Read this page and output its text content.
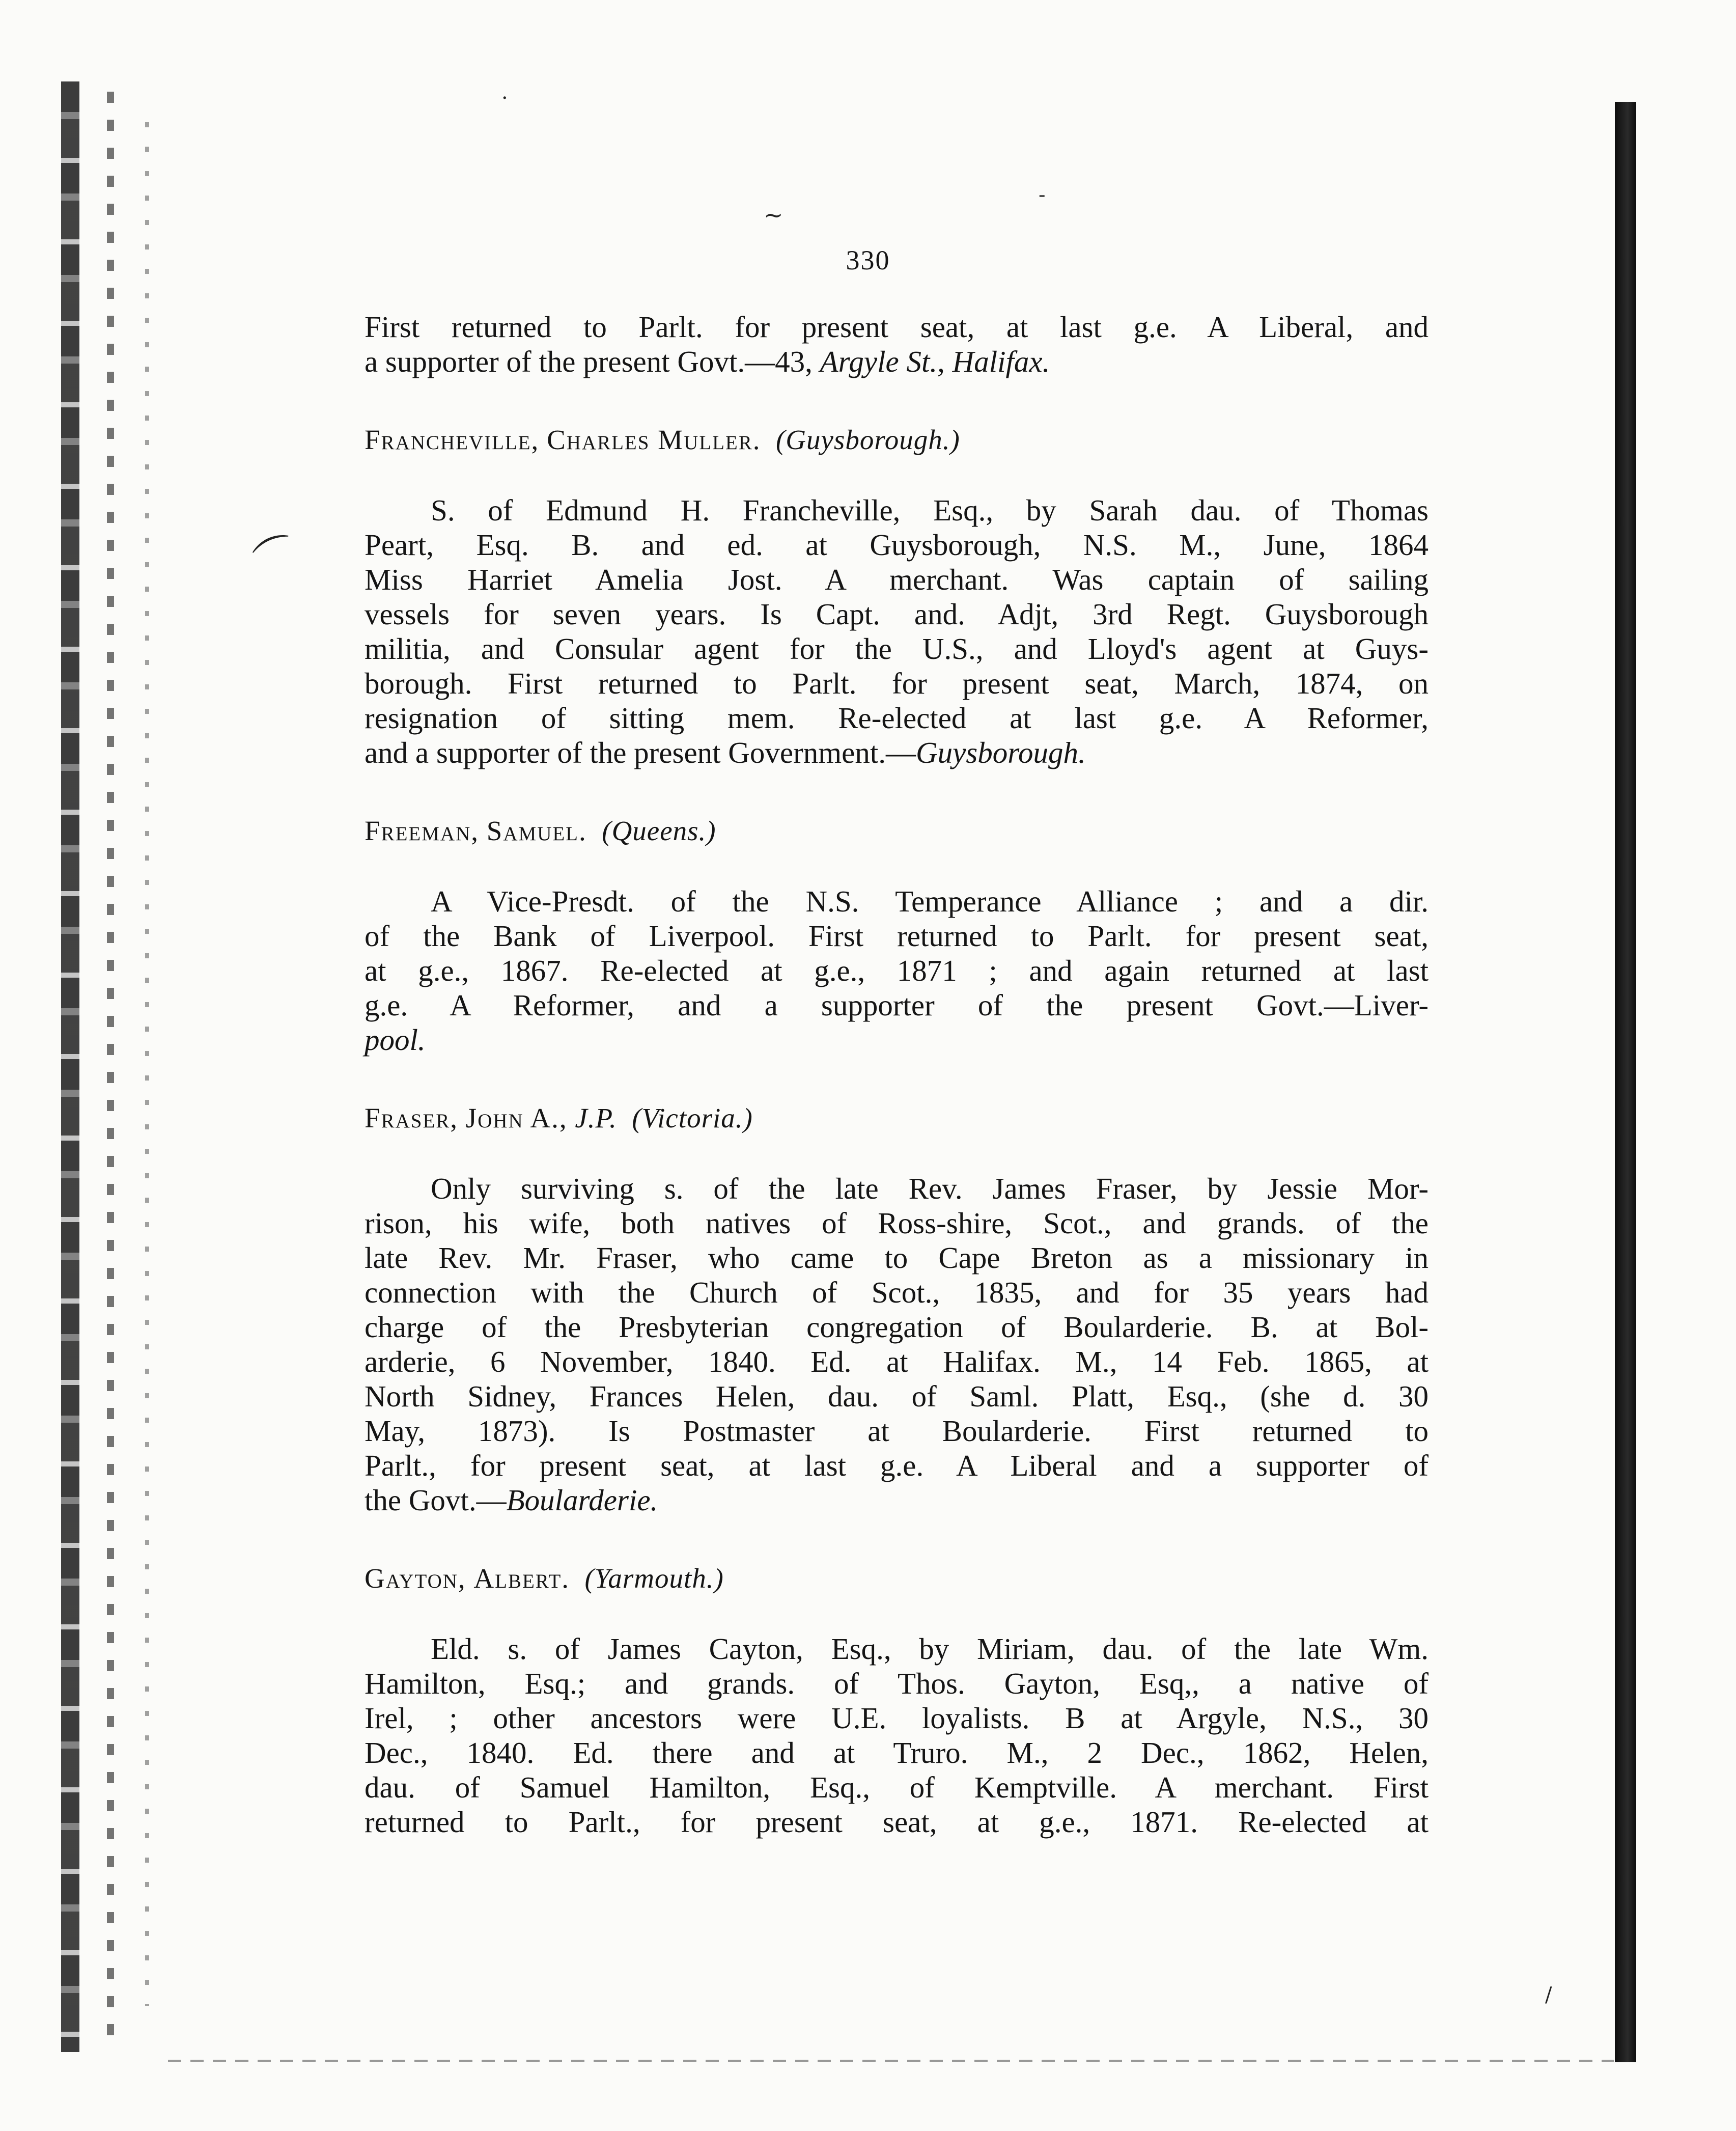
·
~
-
/
⌒
330
First returned to Parlt. for present seat, at last g.e. A Liberal, and
a supporter of the present Govt.—43, Argyle St., Halifax.
Francheville, Charles Muller. (Guysborough.)
S. of Edmund H. Francheville, Esq., by Sarah dau. of Thomas
Peart, Esq. B. and ed. at Guysborough, N.S. M., June, 1864
Miss Harriet Amelia Jost. A merchant. Was captain of sailing
vessels for seven years. Is Capt. and. Adjt, 3rd Regt. Guysborough
militia, and Consular agent for the U.S., and Lloyd's agent at Guys-
borough. First returned to Parlt. for present seat, March, 1874, on
resignation of sitting mem. Re-elected at last g.e. A Reformer,
and a supporter of the present Government.—Guysborough.
Freeman, Samuel. (Queens.)
A Vice-Presdt. of the N.S. Temperance Alliance ; and a dir.
of the Bank of Liverpool. First returned to Parlt. for present seat,
at g.e., 1867. Re-elected at g.e., 1871 ; and again returned at last
g.e. A Reformer, and a supporter of the present Govt.—Liver-
pool.
Fraser, John A., J.P. (Victoria.)
Only surviving s. of the late Rev. James Fraser, by Jessie Mor-
rison, his wife, both natives of Ross-shire, Scot., and grands. of the
late Rev. Mr. Fraser, who came to Cape Breton as a missionary in
connection with the Church of Scot., 1835, and for 35 years had
charge of the Presbyterian congregation of Boularderie. B. at Bol-
arderie, 6 November, 1840. Ed. at Halifax. M., 14 Feb. 1865, at
North Sidney, Frances Helen, dau. of Saml. Platt, Esq., (she d. 30
May, 1873). Is Postmaster at Boularderie. First returned to
Parlt., for present seat, at last g.e. A Liberal and a supporter of
the Govt.—Boularderie.
Gayton, Albert. (Yarmouth.)
Eld. s. of James Cayton, Esq., by Miriam, dau. of the late Wm.
Hamilton, Esq.; and grands. of Thos. Gayton, Esq,, a native of
Irel, ; other ancestors were U.E. loyalists. B at Argyle, N.S., 30
Dec., 1840. Ed. there and at Truro. M., 2 Dec., 1862, Helen,
dau. of Samuel Hamilton, Esq., of Kemptville. A merchant. First
returned to Parlt., for present seat, at g.e., 1871. Re-elected at
